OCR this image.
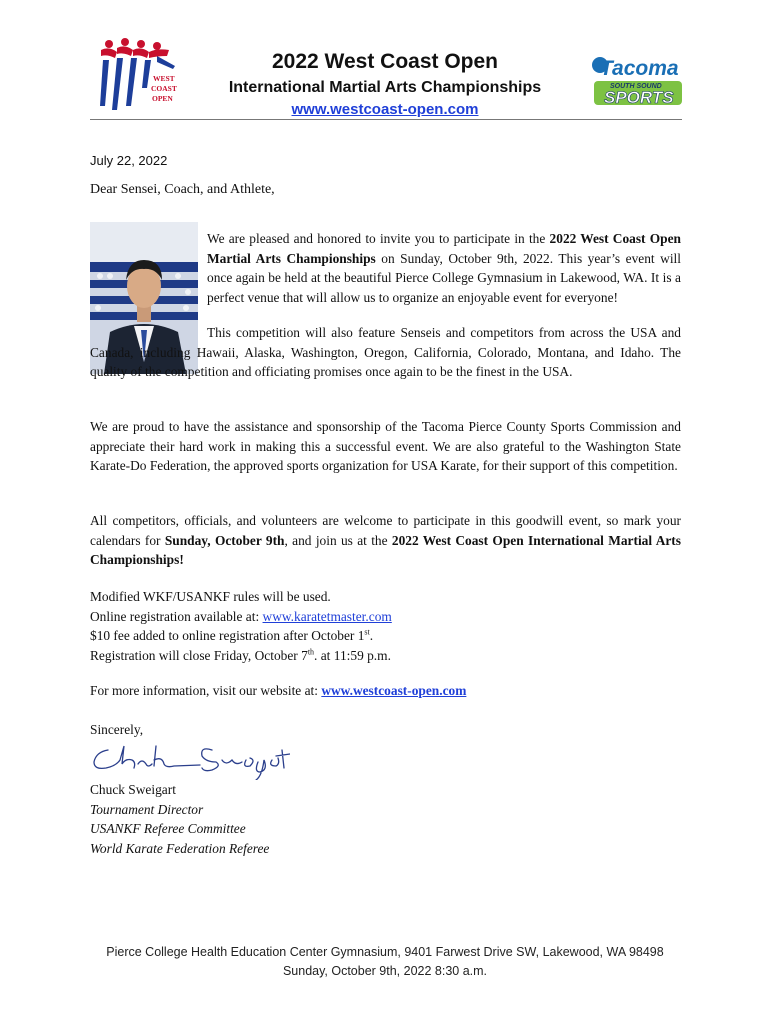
WEST
COAST
OPEN
Tacoma
SOUTH SOUND
SPORTS
2022 West Coast Open
International Martial Arts Championships
www.westcoast-open.com
July 22, 2022
Dear Sensei, Coach, and Athlete,

We are pleased and honored to invite you to participate in the 2022 West Coast Open Martial Arts Championships on Sunday, October 9th, 2022. This year’s event will once again be held at the beautiful Pierce College Gymnasium in Lakewood, WA. It is a perfect venue that will allow us to organize an enjoyable event for everyone!

This competition will also feature Senseis and competitors from across the USA and Canada, including Hawaii, Alaska, Washington, Oregon, California, Colorado, Montana, and Idaho. The quality of the competition and officiating promises once again to be the finest in the USA.

We are proud to have the assistance and sponsorship of the Tacoma Pierce County Sports Commission and appreciate their hard work in making this a successful event. We are also grateful to the Washington State Karate-Do Federation, the approved sports organization for USA Karate, for their support of this competition.

All competitors, officials, and volunteers are welcome to participate in this goodwill event, so mark your calendars for Sunday, October 9th, and join us at the 2022 West Coast Open International Martial Arts Championships!

Modified WKF/USANKF rules will be used.
Online registration available at: www.karatetmaster.com
$10 fee added to online registration after October 1st.
Registration will close Friday, October 7th. at 11:59 p.m.
For more information, visit our website at: www.westcoast-open.com
Sincerely,
Chuck Sweigart
Tournament Director
USANKF Referee Committee
World Karate Federation Referee
Pierce College Health Education Center Gymnasium, 9401 Farwest Drive SW, Lakewood, WA 98498
Sunday, October 9th, 2022 8:30 a.m.
